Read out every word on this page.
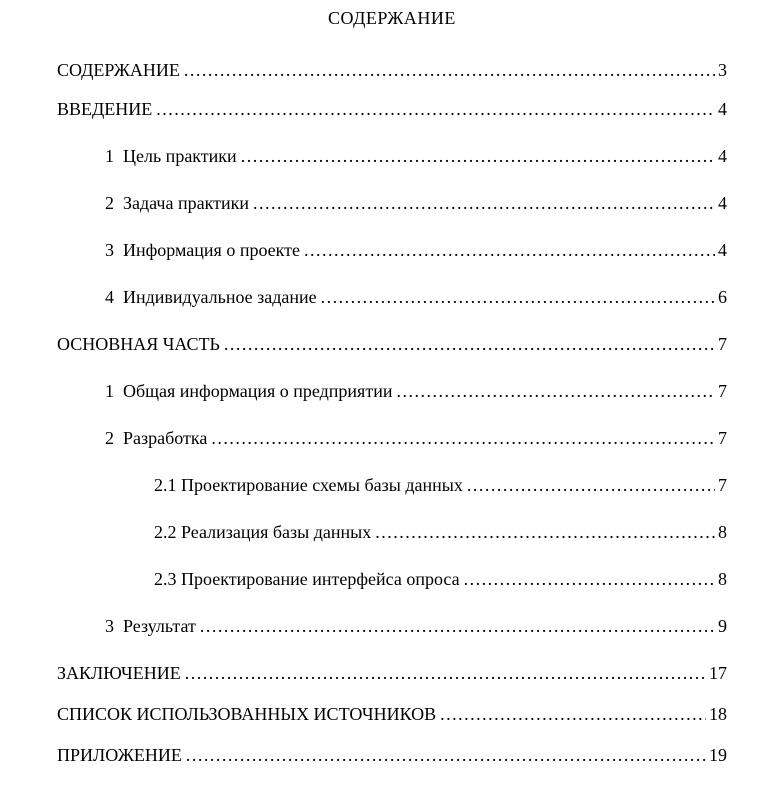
СОДЕРЖАНИЕ
СОДЕРЖАНИЕ .....	3
ВВЕДЕНИЕ .....	4
1  Цель практики .....	4
2  Задача практики .....	4
3  Информация о проекте .....	4
4  Индивидуальное задание .....	6
ОСНОВНАЯ ЧАСТЬ .....	7
1  Общая информация о предприятии .....	7
2  Разработка .....	7
2.1 Проектирование схемы базы данных .....	7
2.2 Реализация базы данных .....	8
2.3 Проектирование интерфейса опроса .....	8
3  Результат .....	9
ЗАКЛЮЧЕНИЕ .....	17
СПИСОК ИСПОЛЬЗОВАННЫХ ИСТОЧНИКОВ .....	18
ПРИЛОЖЕНИЕ .....	19
